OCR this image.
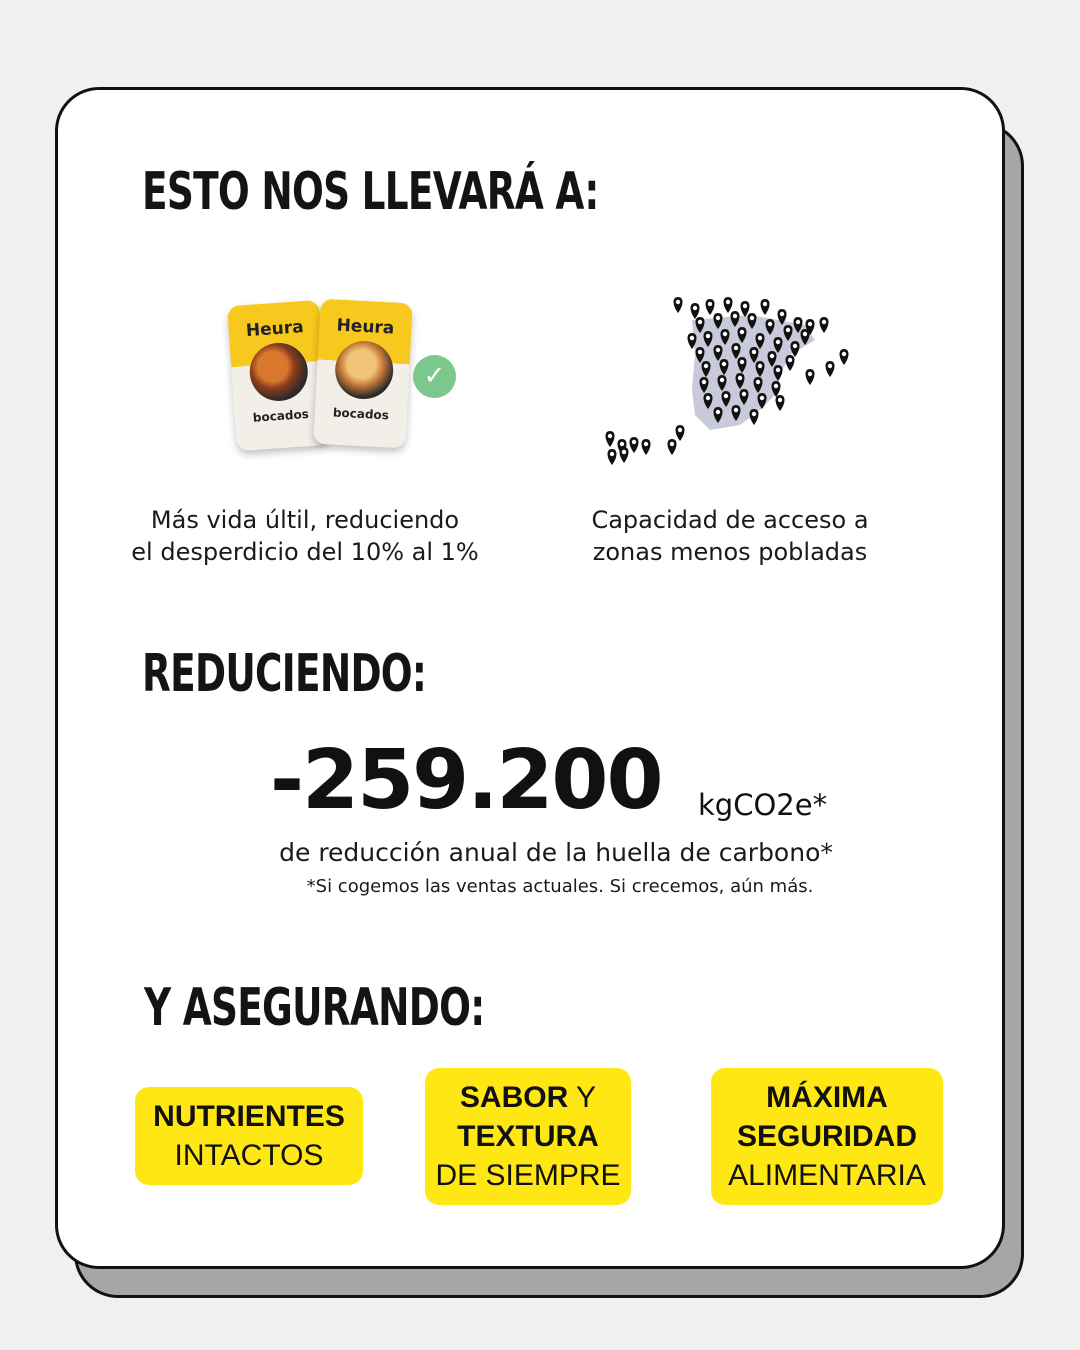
ESTO NOS LLEVARÁ A:
Heura
bocados
Heura
bocados
✓
Más vida últil, reduciendo
el desperdicio del 10% al 1%
Capacidad de acceso a
zonas menos pobladas
REDUCIENDO:
-259.200 kgCO2e*
de reducción anual de la huella de carbono*
*Si cogemos las ventas actuales. Si crecemos, aún más.
Y ASEGURANDO:
NUTRIENTES
INTACTOS
SABOR Y
TEXTURA
DE SIEMPRE
MÁXIMA
SEGURIDAD
ALIMENTARIA
